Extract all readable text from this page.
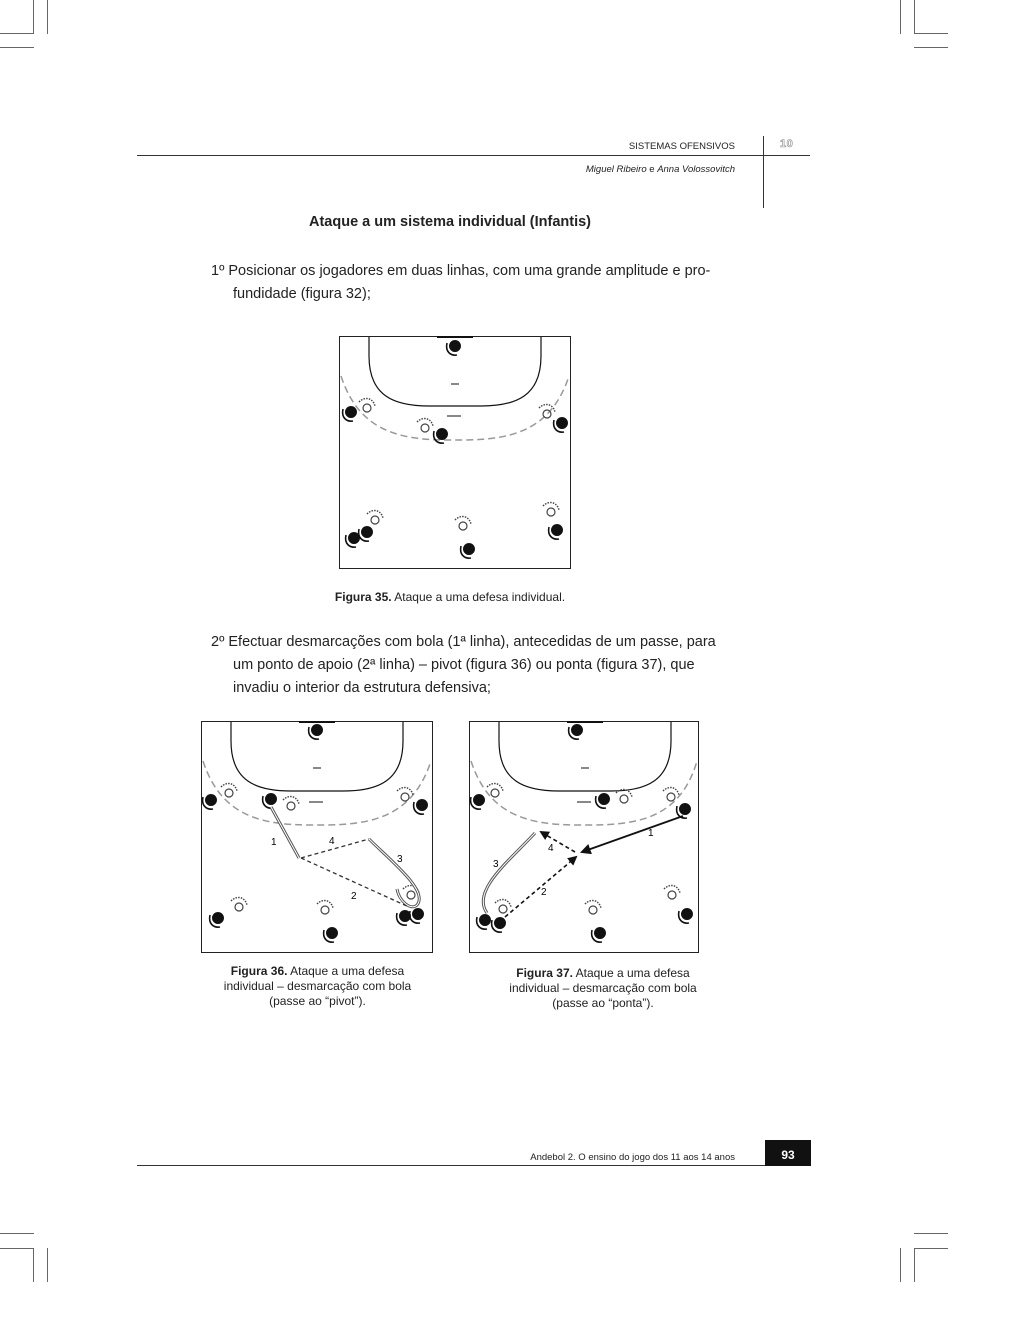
SISTEMAS OFENSIVOS	10
Miguel Ribeiro e Anna Volossovitch
Ataque a um sistema individual (Infantis)
1º Posicionar os jogadores em duas linhas, com uma grande amplitude e pro-
fundidade (figura 32);
Figura 35. Ataque a uma defesa individual.
2º Efectuar desmarcações com bola (1ª linha), antecedidas de um passe, para
um ponto de apoio (2ª linha) – pivot (figura 36) ou ponta (figura 37), que
invadiu o interior da estrutura defensiva;
1
2
3
4
Figura 36. Ataque a uma defesa
individual – desmarcação com bola
(passe ao “pivot”).
1
2
3
4
Figura 37. Ataque a uma defesa
individual – desmarcação com bola
(passe ao “ponta”).
Andebol 2. O ensino do jogo dos 11 aos 14 anos	93
